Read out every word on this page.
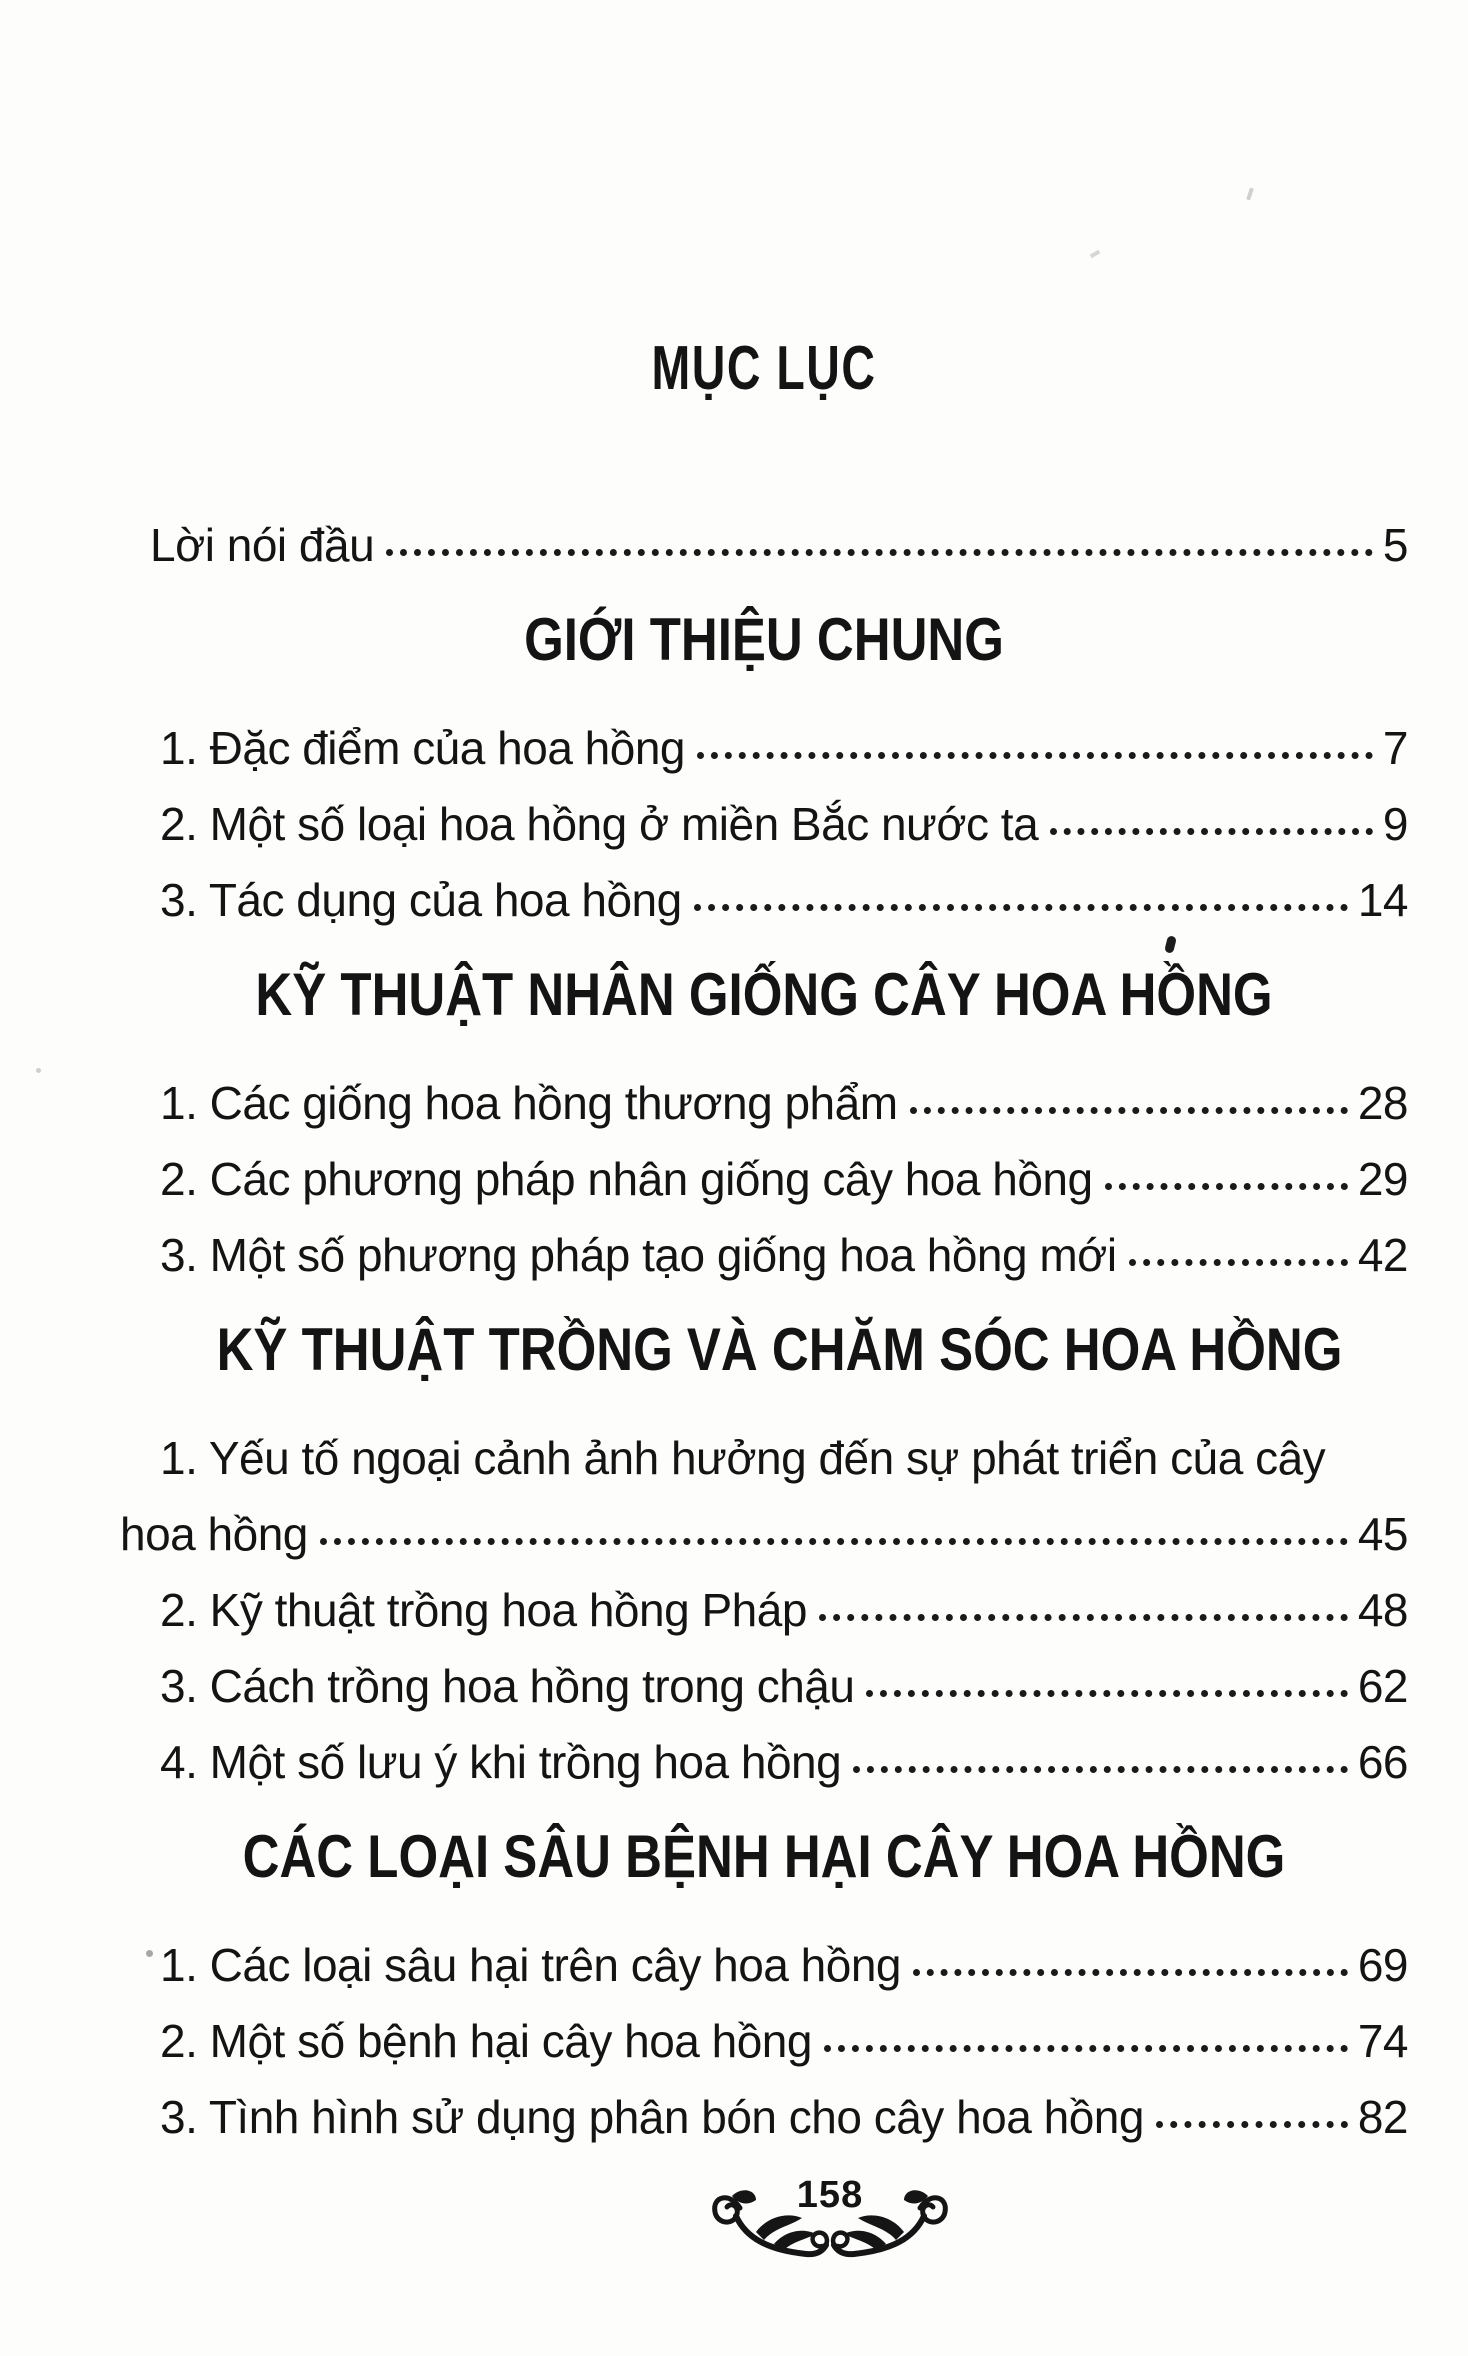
MỤC LỤC
Lời nói đầu	5
GIỚI THIỆU CHUNG
1. Đặc điểm của hoa hồng	7
2. Một số loại hoa hồng ở miền Bắc nước ta	9
3. Tác dụng của hoa hồng	14
KỸ THUẬT NHÂN GIỐNG CÂY HOA HỒNG
1. Các giống hoa hồng thương phẩm	28
2. Các phương pháp nhân giống cây hoa hồng	29
3. Một số phương pháp tạo giống hoa hồng mới	42
KỸ THUẬT TRỒNG VÀ CHĂM SÓC HOA HỒNG
1. Yếu tố ngoại cảnh ảnh hưởng đến sự phát triển của cây
hoa hồng	45
2. Kỹ thuật trồng hoa hồng Pháp	48
3. Cách trồng hoa hồng trong chậu	62
4. Một số lưu ý khi trồng hoa hồng	66
CÁC LOẠI SÂU BỆNH HẠI CÂY HOA HỒNG
1. Các loại sâu hại trên cây hoa hồng	69
2. Một số bệnh hại cây hoa hồng	74
3. Tình hình sử dụng phân bón cho cây hoa hồng	82
158
